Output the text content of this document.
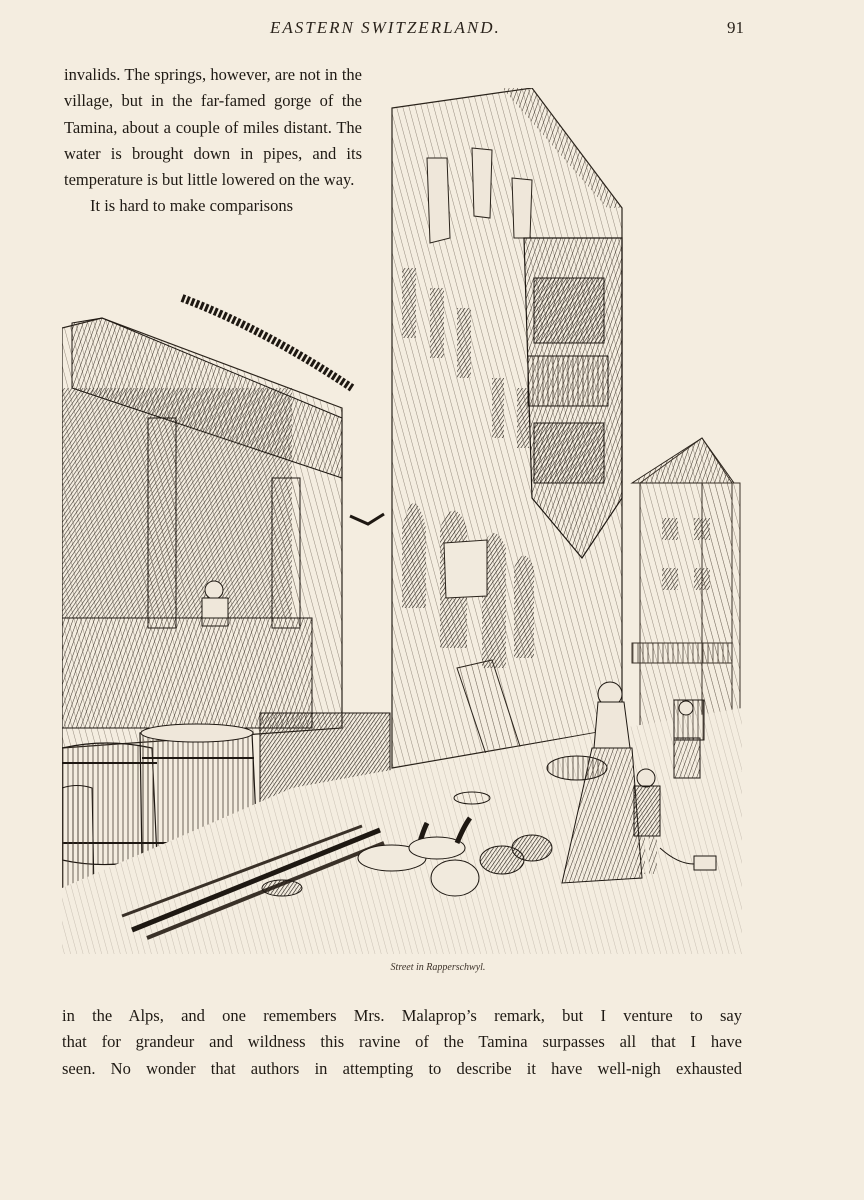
EASTERN SWITZERLAND.	91

invalids. The springs, however, are not in the village, but in the far-famed gorge of the Tamina, about a couple of miles distant. The water is brought down in pipes, and its temperature is but little lowered on the way.

It is hard to make comparisons

Street in Rapperschwyl.
in the Alps, and one remembers Mrs. Malaprop’s remark, but I venture to say
that for grandeur and wildness this ravine of the Tamina surpasses all that I have
seen. No wonder that authors in attempting to describe it have well-nigh exhausted
